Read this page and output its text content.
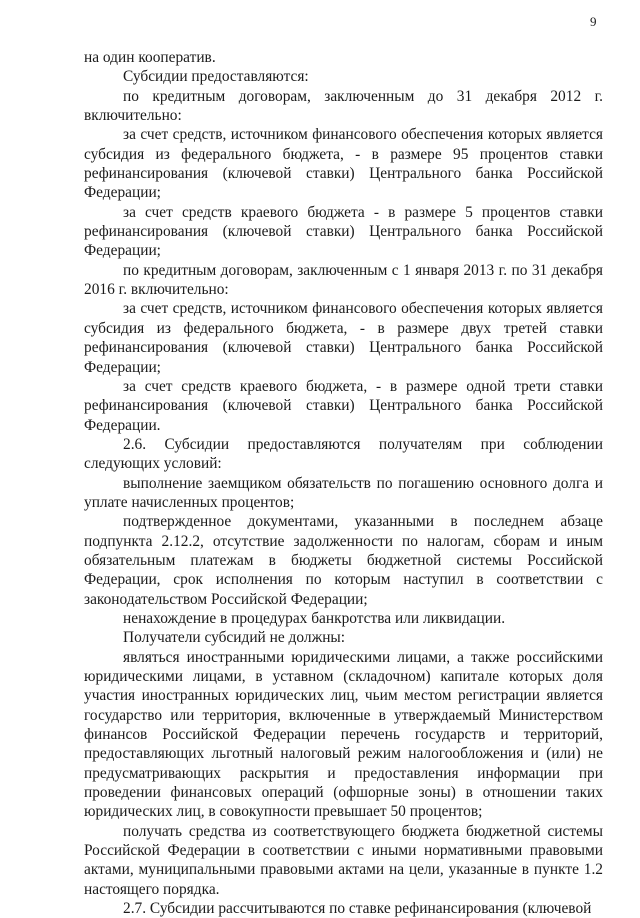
9

на один кооператив.

Субсидии предоставляются:

по кредитным договорам, заключенным до 31 декабря 2012 г. включительно:

за счет средств, источником финансового обеспечения которых является субсидия из федерального бюджета, - в размере 95 процентов ставки рефинансирования (ключевой ставки) Центрального банка Российской Федерации;

за счет средств краевого бюджета - в размере 5 процентов ставки рефинансирования (ключевой ставки) Центрального банка Российской Федерации;

по кредитным договорам, заключенным с 1 января 2013 г. по 31 декабря 2016 г. включительно:

за счет средств, источником финансового обеспечения которых является субсидия из федерального бюджета, - в размере двух третей ставки рефинансирования (ключевой ставки) Центрального банка Российской Федерации;

за счет средств краевого бюджета, - в размере одной трети ставки рефинансирования (ключевой ставки) Центрального банка Российской Федерации.

2.6. Субсидии предоставляются получателям при соблюдении следующих условий:

выполнение заемщиком обязательств по погашению основного долга и уплате начисленных процентов;

подтвержденное документами, указанными в последнем абзаце подпункта 2.12.2, отсутствие задолженности по налогам, сборам и иным обязательным платежам в бюджеты бюджетной системы Российской Федерации, срок исполнения по которым наступил в соответствии с законодательством Российской Федерации;

ненахождение в процедурах банкротства или ликвидации.

Получатели субсидий не должны:

являться иностранными юридическими лицами, а также российскими юридическими лицами, в уставном (складочном) капитале которых доля участия иностранных юридических лиц, чьим местом регистрации является государство или территория, включенные в утверждаемый Министерством финансов Российской Федерации перечень государств и территорий, предоставляющих льготный налоговый режим налогообложения и (или) не предусматривающих раскрытия и предоставления информации при проведении финансовых операций (офшорные зоны) в отношении таких юридических лиц, в совокупности превышает 50 процентов;

получать средства из соответствующего бюджета бюджетной системы Российской Федерации в соответствии с иными нормативными правовыми актами, муниципальными правовыми актами на цели, указанные в пункте 1.2 настоящего порядка.

2.7. Субсидии рассчитываются по ставке рефинансирования (ключевой
